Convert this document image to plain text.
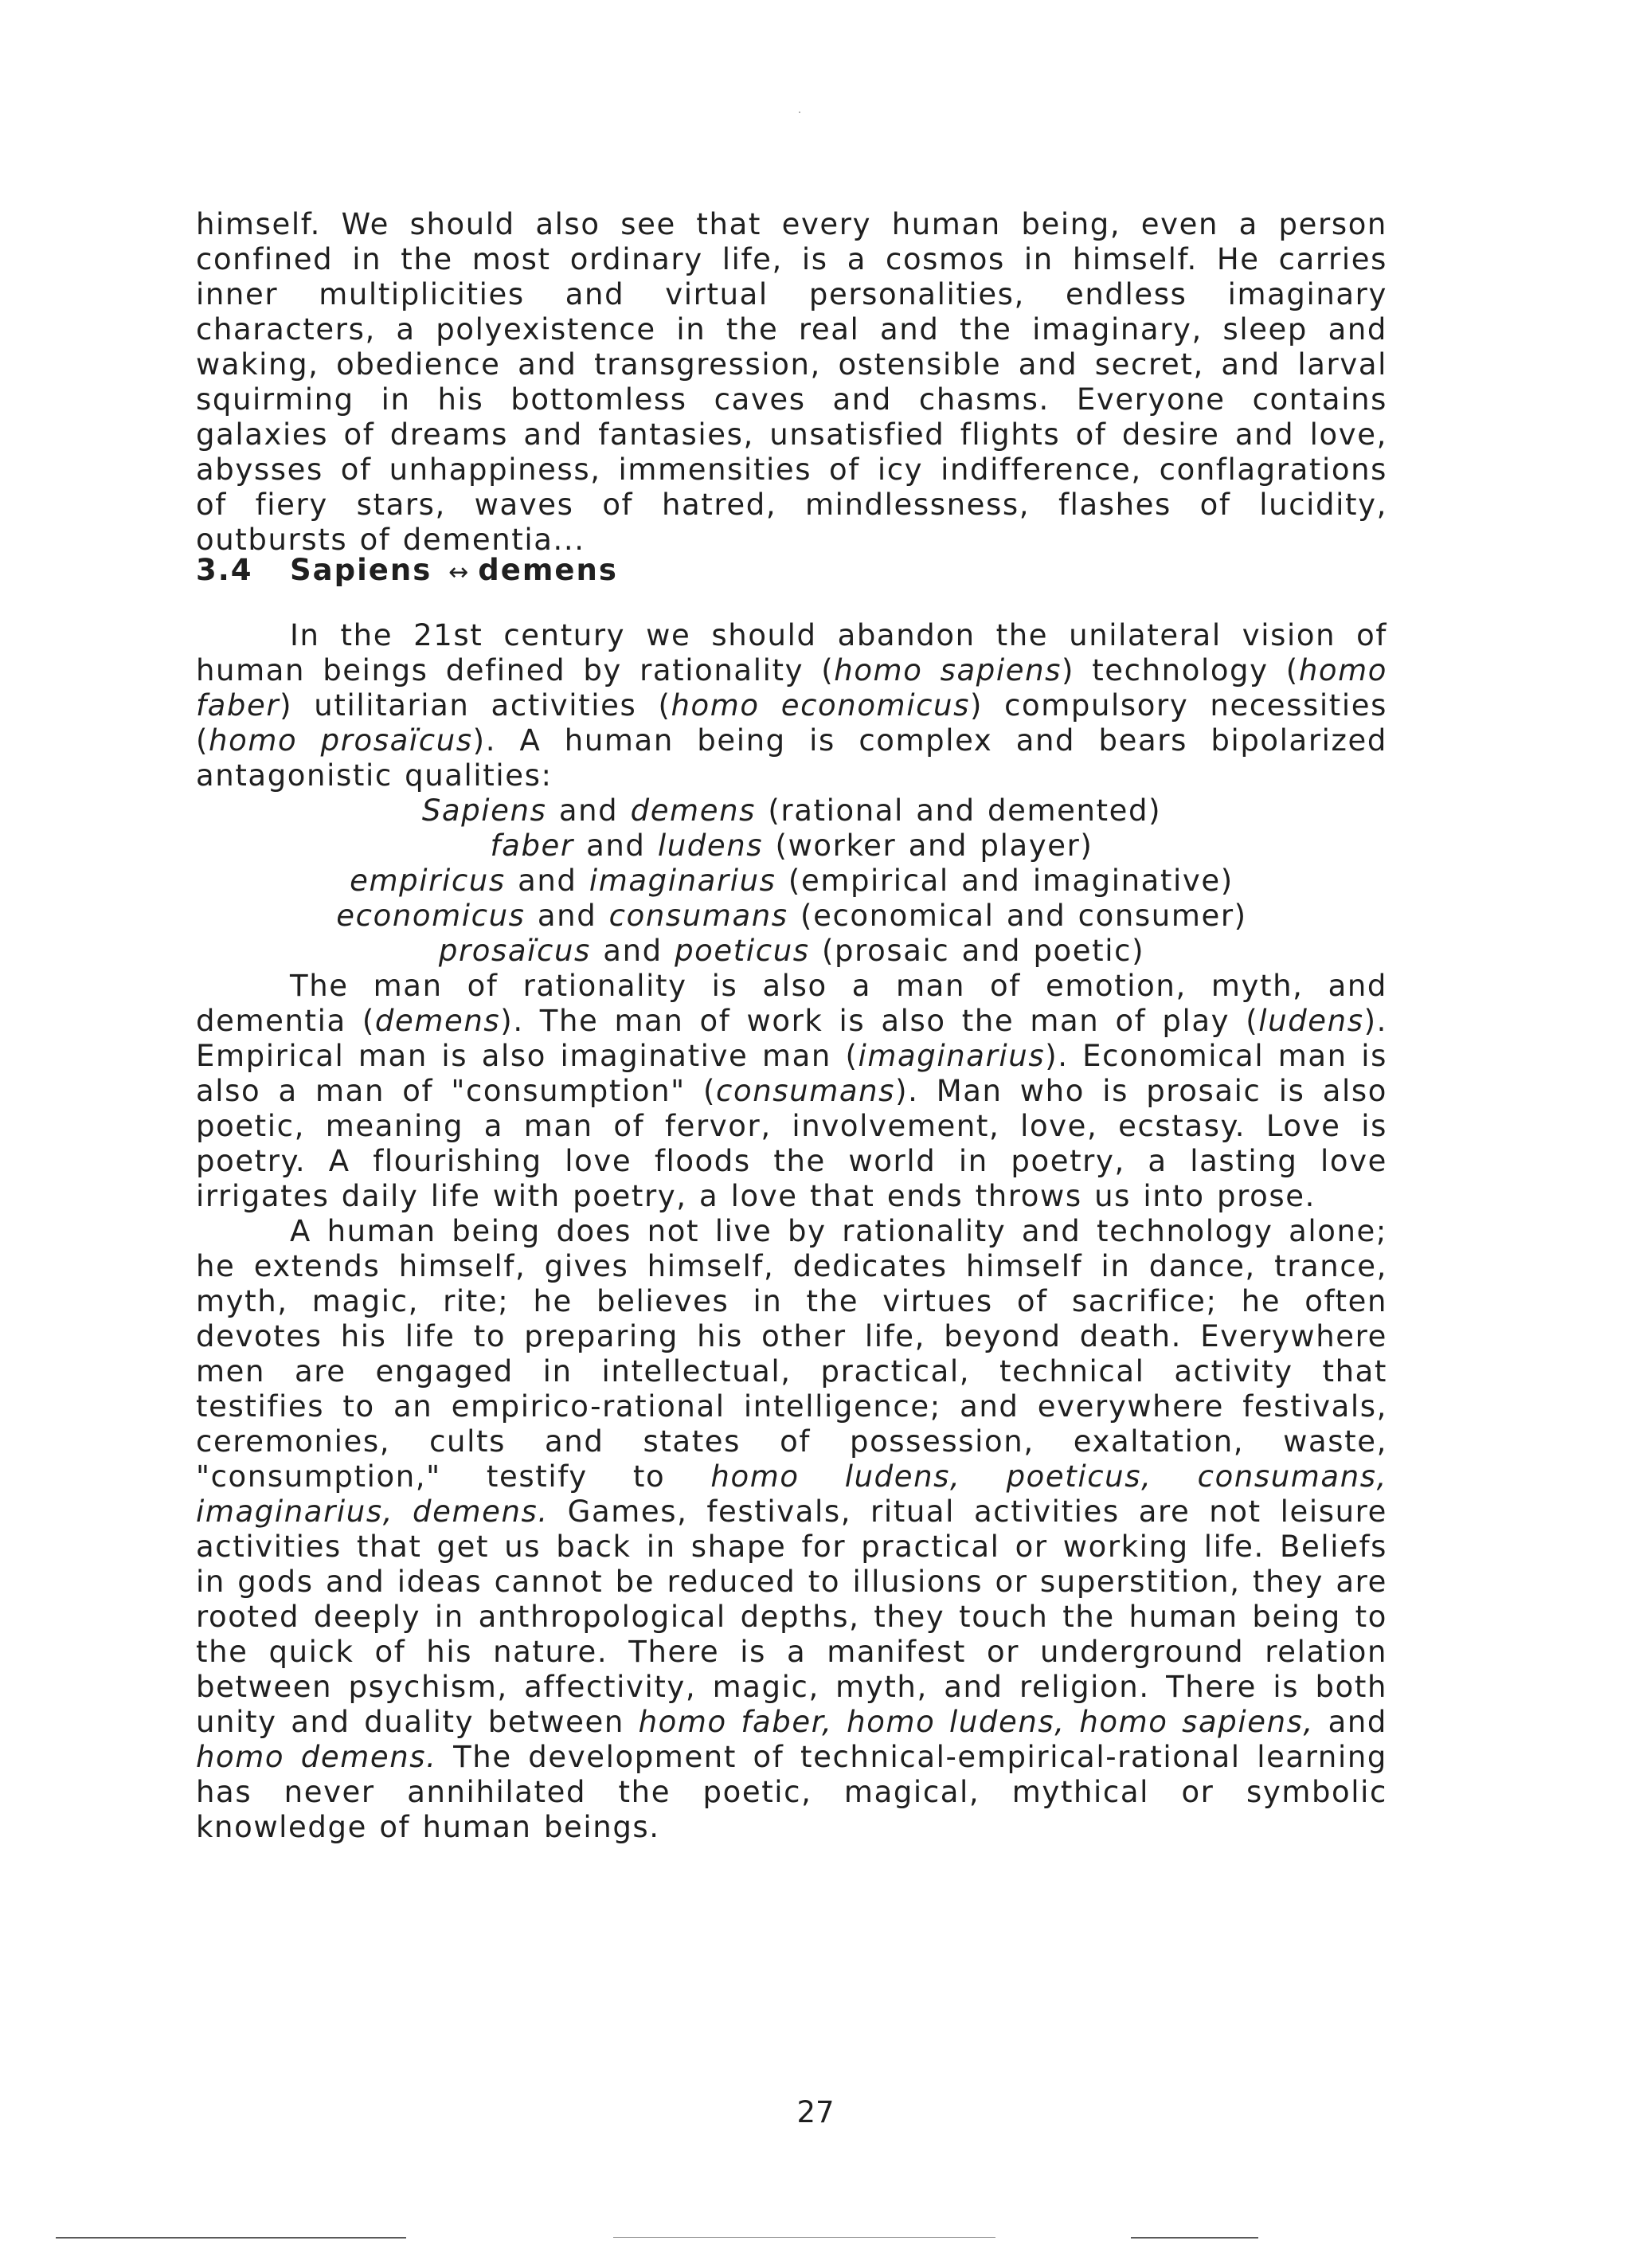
himself. We should also see that every human being, even a person confined in the most ordinary life, is a cosmos in himself. He carries inner multiplicities and virtual personalities, endless imaginary characters, a polyexistence in the real and the imaginary, sleep and waking, obedience and transgression, ostensible and secret, and larval squirming in his bottomless caves and chasms. Everyone contains galaxies of dreams and fantasies, unsatisfied flights of desire and love, abysses of unhappiness, immensities of icy indifference, conflagrations of fiery stars, waves of hatred, mindlessness, flashes of lucidity, outbursts of dementia...

3.4 Sapiens ↔ demens

In the 21st century we should abandon the unilateral vision of human beings defined by rationality (homo sapiens) technology (homo faber) utilitarian activities (homo economicus) compulsory necessities (homo prosaïcus). A human being is complex and bears bipolarized antagonistic qualities:

Sapiens and demens (rational and demented)
faber and ludens (worker and player)
empiricus and imaginarius (empirical and imaginative)
economicus and consumans (economical and consumer)
prosaïcus and poeticus (prosaic and poetic)

The man of rationality is also a man of emotion, myth, and dementia (demens). The man of work is also the man of play (ludens). Empirical man is also imaginative man (imaginarius). Economical man is also a man of "consumption" (consumans). Man who is prosaic is also poetic, meaning a man of fervor, involvement, love, ecstasy. Love is poetry. A flourishing love floods the world in poetry, a lasting love irrigates daily life with poetry, a love that ends throws us into prose.

A human being does not live by rationality and technology alone; he extends himself, gives himself, dedicates himself in dance, trance, myth, magic, rite; he believes in the virtues of sacrifice; he often devotes his life to preparing his other life, beyond death. Everywhere men are engaged in intellectual, practical, technical activity that testifies to an empirico-rational intelligence; and everywhere festivals, ceremonies, cults and states of possession, exaltation, waste, "consumption," testify to homo ludens, poeticus, consumans, imaginarius, demens. Games, festivals, ritual activities are not leisure activities that get us back in shape for practical or working life. Beliefs in gods and ideas cannot be reduced to illusions or superstition, they are rooted deeply in anthropological depths, they touch the human being to the quick of his nature. There is a manifest or underground relation between psychism, affectivity, magic, myth, and religion. There is both unity and duality between homo faber, homo ludens, homo sapiens, and homo demens. The development of technical-empirical-rational learning has never annihilated the poetic, magical, mythical or symbolic knowledge of human beings.

27
